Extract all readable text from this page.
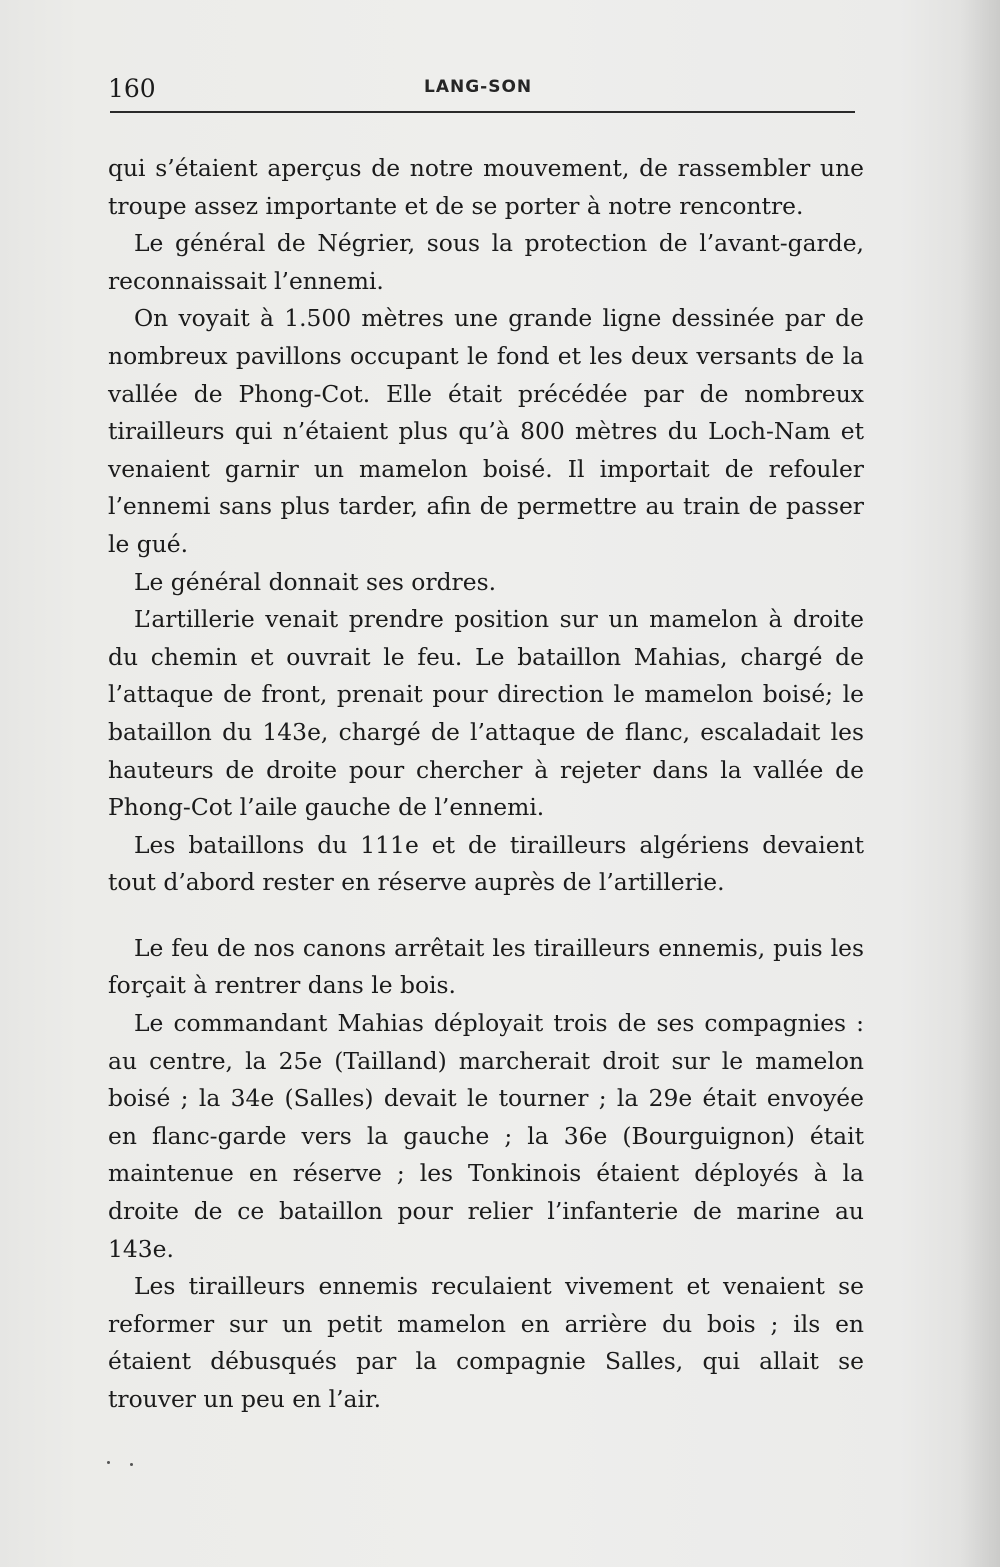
160	LANG-SON

qui s’étaient aperçus de notre mouvement, de rassembler une troupe assez importante et de se porter à notre rencontre.

Le général de Négrier, sous la protection de l’avant-garde, reconnaissait l’ennemi.

On voyait à 1.500 mètres une grande ligne dessinée par de nombreux pavillons occupant le fond et les deux versants de la vallée de Phong-Cot. Elle était précédée par de nombreux tirailleurs qui n’étaient plus qu’à 800 mètres du Loch-Nam et venaient garnir un mamelon boisé. Il importait de refouler l’ennemi sans plus tarder, afin de permettre au train de passer le gué.

Le général donnait ses ordres.

L’artillerie venait prendre position sur un mamelon à droite du chemin et ouvrait le feu. Le bataillon Mahias, chargé de l’attaque de front, prenait pour direction le mamelon boisé; le bataillon du 143e, chargé de l’attaque de flanc, escaladait les hauteurs de droite pour chercher à rejeter dans la vallée de Phong-Cot l’aile gauche de l’ennemi.

Les bataillons du 111e et de tirailleurs algériens devaient tout d’abord rester en réserve auprès de l’artillerie.

Le feu de nos canons arrêtait les tirailleurs ennemis, puis les forçait à rentrer dans le bois.

Le commandant Mahias déployait trois de ses compagnies : au centre, la 25e (Tailland) marcherait droit sur le mamelon boisé ; la 34e (Salles) devait le tourner ; la 29e était envoyée en flanc-garde vers la gauche ; la 36e (Bourguignon) était maintenue en réserve ; les Tonkinois étaient déployés à la droite de ce bataillon pour relier l’infanterie de marine au 143e.

Les tirailleurs ennemis reculaient vivement et venaient se reformer sur un petit mamelon en arrière du bois ; ils en étaient débusqués par la compagnie Salles, qui allait se trouver un peu en l’air.
